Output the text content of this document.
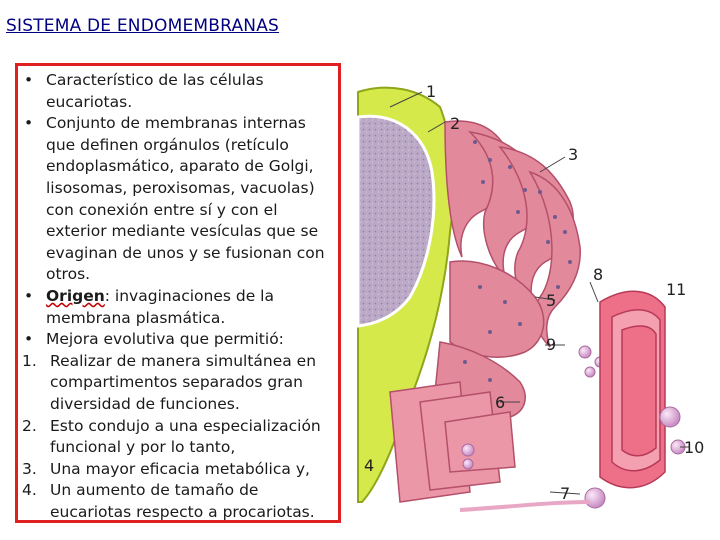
SISTEMA DE ENDOMEMBRANAS
• Característico de las células
eucariotas.
• Conjunto de membranas internas
que definen orgánulos (retículo
endoplasmático, aparato de Golgi,
lisosomas, peroxisomas, vacuolas)
con conexión entre sí y con el
exterior mediante vesículas que se
evaginan de unos y se fusionan con
otros.
• Origen: invaginaciones de la
membrana plasmática.
• Mejora evolutiva que permitió:
1. Realizar de manera simultánea en
compartimentos separados gran
diversidad de funciones.
2. Esto condujo a una especialización
funcional y por lo tanto,
3. Una mayor eficacia metabólica y,
4. Un aumento de tamaño de
eucariotas respecto a procariotas.
1
2
3
4
5
6
7
8
9
10
11
